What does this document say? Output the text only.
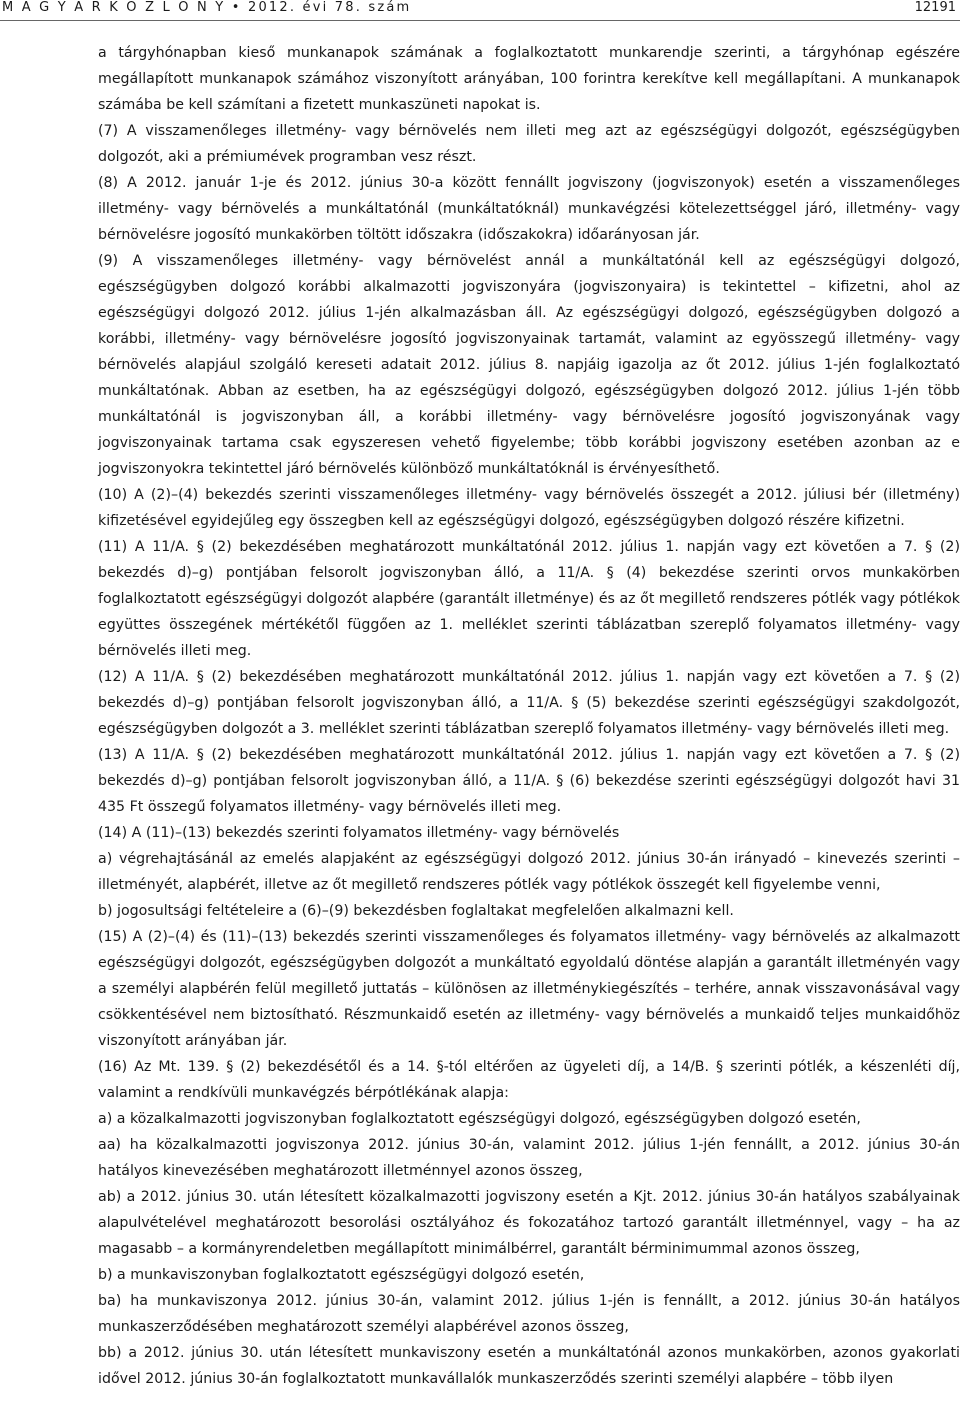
M A G Y A R K Ö Z L Ö N Y • 2012. évi 78. szám	12191

a tárgyhónapban kieső munkanapok számának a foglalkoztatott munkarendje szerinti, a tárgyhónap egészére megállapított munkanapok számához viszonyított arányában, 100 forintra kerekítve kell megállapítani. A munkanapok számába be kell számítani a fizetett munkaszüneti napokat is.

(7) A visszamenőleges illetmény- vagy bérnövelés nem illeti meg azt az egészségügyi dolgozót, egészségügyben dolgozót, aki a prémiumévek programban vesz részt.

(8) A 2012. január 1-je és 2012. június 30-a között fennállt jogviszony (jogviszonyok) esetén a visszamenőleges illetmény- vagy bérnövelés a munkáltatónál (munkáltatóknál) munkavégzési kötelezettséggel járó, illetmény- vagy bérnövelésre jogosító munkakörben töltött időszakra (időszakokra) időarányosan jár.

(9) A visszamenőleges illetmény- vagy bérnövelést annál a munkáltatónál kell az egészségügyi dolgozó, egészségügyben dolgozó korábbi alkalmazotti jogviszonyára (jogviszonyaira) is tekintettel – kifizetni, ahol az egészségügyi dolgozó 2012. július 1-jén alkalmazásban áll. Az egészségügyi dolgozó, egészségügyben dolgozó a korábbi, illetmény- vagy bérnövelésre jogosító jogviszonyainak tartamát, valamint az egyösszegű illetmény- vagy bérnövelés alapjául szolgáló kereseti adatait 2012. július 8. napjáig igazolja az őt 2012. július 1-jén foglalkoztató munkáltatónak. Abban az esetben, ha az egészségügyi dolgozó, egészségügyben dolgozó 2012. július 1-jén több munkáltatónál is jogviszonyban áll, a korábbi illetmény- vagy bérnövelésre jogosító jogviszonyának vagy jogviszonyainak tartama csak egyszeresen vehető figyelembe; több korábbi jogviszony esetében azonban az e jogviszonyokra tekintettel járó bérnövelés különböző munkáltatóknál is érvényesíthető.

(10) A (2)–(4) bekezdés szerinti visszamenőleges illetmény- vagy bérnövelés összegét a 2012. júliusi bér (illetmény) kifizetésével egyidejűleg egy összegben kell az egészségügyi dolgozó, egészségügyben dolgozó részére kifizetni.

(11) A 11/A. § (2) bekezdésében meghatározott munkáltatónál 2012. július 1. napján vagy ezt követően a 7. § (2) bekezdés d)–g) pontjában felsorolt jogviszonyban álló, a 11/A. § (4) bekezdése szerinti orvos munkakörben foglalkoztatott egészségügyi dolgozót alapbére (garantált illetménye) és az őt megillető rendszeres pótlék vagy pótlékok együttes összegének mértékétől függően az 1. melléklet szerinti táblázatban szereplő folyamatos illetmény- vagy bérnövelés illeti meg.

(12) A 11/A. § (2) bekezdésében meghatározott munkáltatónál 2012. július 1. napján vagy ezt követően a 7. § (2) bekezdés d)–g) pontjában felsorolt jogviszonyban álló, a 11/A. § (5) bekezdése szerinti egészségügyi szakdolgozót, egészségügyben dolgozót a 3. melléklet szerinti táblázatban szereplő folyamatos illetmény- vagy bérnövelés illeti meg.

(13) A 11/A. § (2) bekezdésében meghatározott munkáltatónál 2012. július 1. napján vagy ezt követően a 7. § (2) bekezdés d)–g) pontjában felsorolt jogviszonyban álló, a 11/A. § (6) bekezdése szerinti egészségügyi dolgozót havi 31 435 Ft összegű folyamatos illetmény- vagy bérnövelés illeti meg.

(14) A (11)–(13) bekezdés szerinti folyamatos illetmény- vagy bérnövelés

a) végrehajtásánál az emelés alapjaként az egészségügyi dolgozó 2012. június 30-án irányadó – kinevezés szerinti – illetményét, alapbérét, illetve az őt megillető rendszeres pótlék vagy pótlékok összegét kell figyelembe venni,

b) jogosultsági feltételeire a (6)–(9) bekezdésben foglaltakat megfelelően alkalmazni kell.

(15) A (2)–(4) és (11)–(13) bekezdés szerinti visszamenőleges és folyamatos illetmény- vagy bérnövelés az alkalmazott egészségügyi dolgozót, egészségügyben dolgozót a munkáltató egyoldalú döntése alapján a garantált illetményén vagy a személyi alapbérén felül megillető juttatás – különösen az illetménykiegészítés – terhére, annak visszavonásával vagy csökkentésével nem biztosítható. Részmunkaidő esetén az illetmény- vagy bérnövelés a munkaidő teljes munkaidőhöz viszonyított arányában jár.

(16) Az Mt. 139. § (2) bekezdésétől és a 14. §-tól eltérően az ügyeleti díj, a 14/B. § szerinti pótlék, a készenléti díj, valamint a rendkívüli munkavégzés bérpótlékának alapja:

a) a közalkalmazotti jogviszonyban foglalkoztatott egészségügyi dolgozó, egészségügyben dolgozó esetén,

aa) ha közalkalmazotti jogviszonya 2012. június 30-án, valamint 2012. július 1-jén fennállt, a 2012. június 30-án hatályos kinevezésében meghatározott illetménnyel azonos összeg,

ab) a 2012. június 30. után létesített közalkalmazotti jogviszony esetén a Kjt. 2012. június 30-án hatályos szabályainak alapulvételével meghatározott besorolási osztályához és fokozatához tartozó garantált illetménnyel, vagy – ha az magasabb – a kormányrendeletben megállapított minimálbérrel, garantált bérminimummal azonos összeg,

b) a munkaviszonyban foglalkoztatott egészségügyi dolgozó esetén,

ba) ha munkaviszonya 2012. június 30-án, valamint 2012. július 1-jén is fennállt, a 2012. június 30-án hatályos munkaszerződésében meghatározott személyi alapbérével azonos összeg,

bb) a 2012. június 30. után létesített munkaviszony esetén a munkáltatónál azonos munkakörben, azonos gyakorlati idővel 2012. június 30-án foglalkoztatott munkavállalók munkaszerződés szerinti személyi alapbére – több ilyen
